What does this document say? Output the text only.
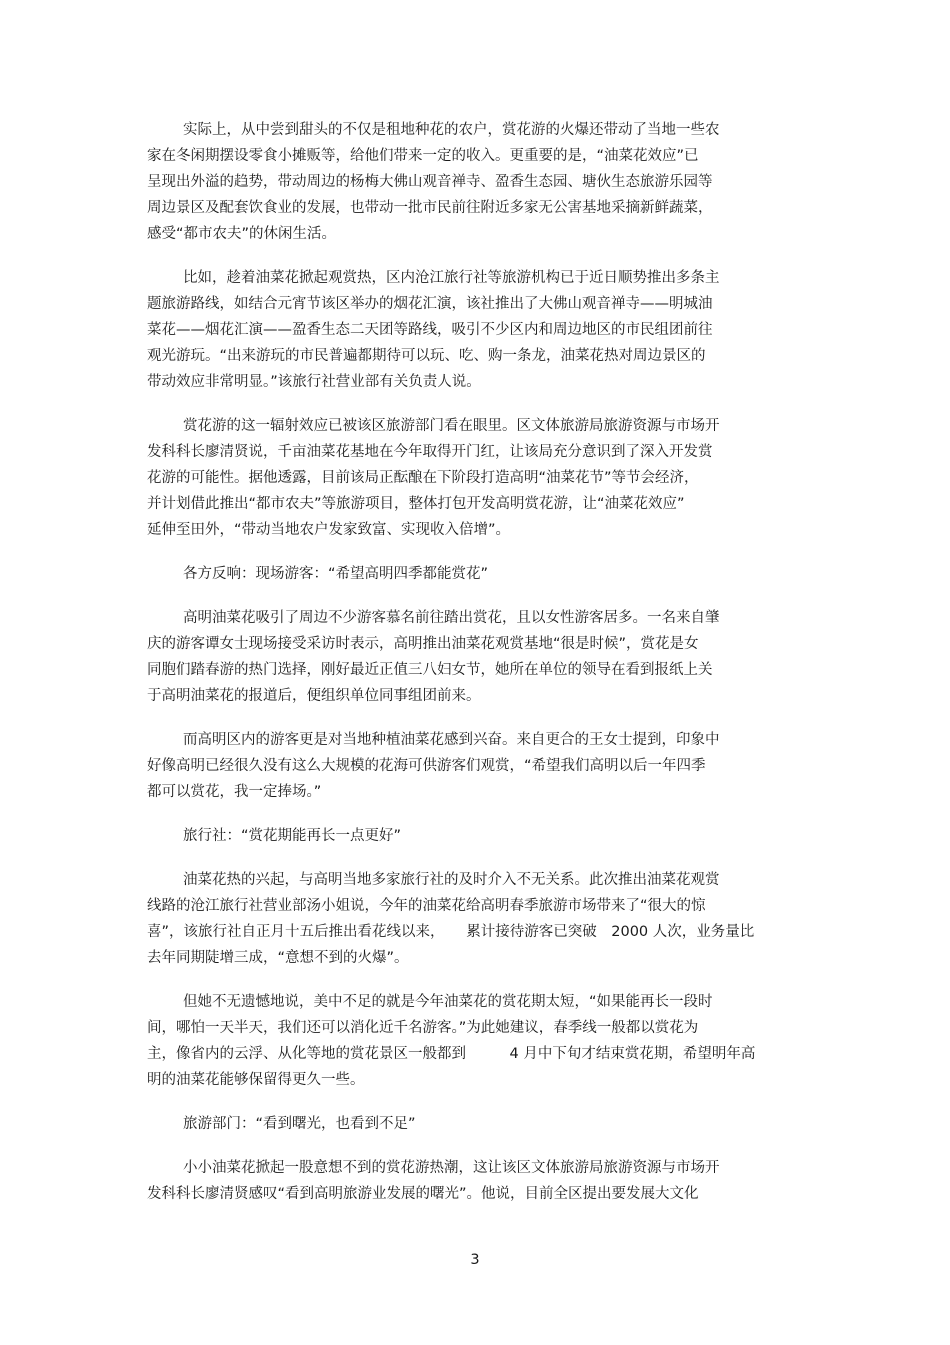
实际上，从中尝到甜头的不仅是租地种花的农户，赏花游的火爆还带动了当地一些农

家在冬闲期摆设零食小摊贩等，给他们带来一定的收入。更重要的是，“油菜花效应”已

呈现出外溢的趋势，带动周边的杨梅大佛山观音禅寺、盈香生态园、塘伙生态旅游乐园等

周边景区及配套饮食业的发展，也带动一批市民前往附近多家无公害基地采摘新鲜蔬菜，

感受“都市农夫”的休闲生活。

比如，趁着油菜花掀起观赏热，区内沧江旅行社等旅游机构已于近日顺势推出多条主

题旅游路线，如结合元宵节该区举办的烟花汇演，该社推出了大佛山观音禅寺——明城油

菜花——烟花汇演——盈香生态二天团等路线，吸引不少区内和周边地区的市民组团前往

观光游玩。“出来游玩的市民普遍都期待可以玩、吃、购一条龙，油菜花热对周边景区的

带动效应非常明显。”该旅行社营业部有关负责人说。

赏花游的这一辐射效应已被该区旅游部门看在眼里。区文体旅游局旅游资源与市场开

发科科长廖清贤说，千亩油菜花基地在今年取得开门红，让该局充分意识到了深入开发赏

花游的可能性。据他透露，目前该局正酝酿在下阶段打造高明“油菜花节”等节会经济，

并计划借此推出“都市农夫”等旅游项目，整体打包开发高明赏花游，让“油菜花效应”

延伸至田外，“带动当地农户发家致富、实现收入倍增”。

各方反响：现场游客：“希望高明四季都能赏花”

高明油菜花吸引了周边不少游客慕名前往踏出赏花，且以女性游客居多。一名来自肇

庆的游客谭女士现场接受采访时表示，高明推出油菜花观赏基地“很是时候”，赏花是女

同胞们踏春游的热门选择，刚好最近正值三八妇女节，她所在单位的领导在看到报纸上关

于高明油菜花的报道后，便组织单位同事组团前来。

而高明区内的游客更是对当地种植油菜花感到兴奋。来自更合的王女士提到，印象中

好像高明已经很久没有这么大规模的花海可供游客们观赏，“希望我们高明以后一年四季

都可以赏花，我一定捧场。”

旅行社：“赏花期能再长一点更好”

油菜花热的兴起，与高明当地多家旅行社的及时介入不无关系。此次推出油菜花观赏

线路的沧江旅行社营业部汤小姐说，今年的油菜花给高明春季旅游市场带来了“很大的惊

喜”，该旅行社自正月十五后推出看花线以来，　　累计接待游客已突破　2000 人次，业务量比

去年同期陡增三成，“意想不到的火爆”。

但她不无遗憾地说，美中不足的就是今年油菜花的赏花期太短，“如果能再长一段时

间，哪怕一天半天，我们还可以消化近千名游客。”为此她建议，春季线一般都以赏花为

主，像省内的云浮、从化等地的赏花景区一般都到　　　4 月中下旬才结束赏花期，希望明年高

明的油菜花能够保留得更久一些。

旅游部门：“看到曙光，也看到不足”

小小油菜花掀起一股意想不到的赏花游热潮，这让该区文体旅游局旅游资源与市场开

发科科长廖清贤感叹“看到高明旅游业发展的曙光”。他说，目前全区提出要发展大文化

3
